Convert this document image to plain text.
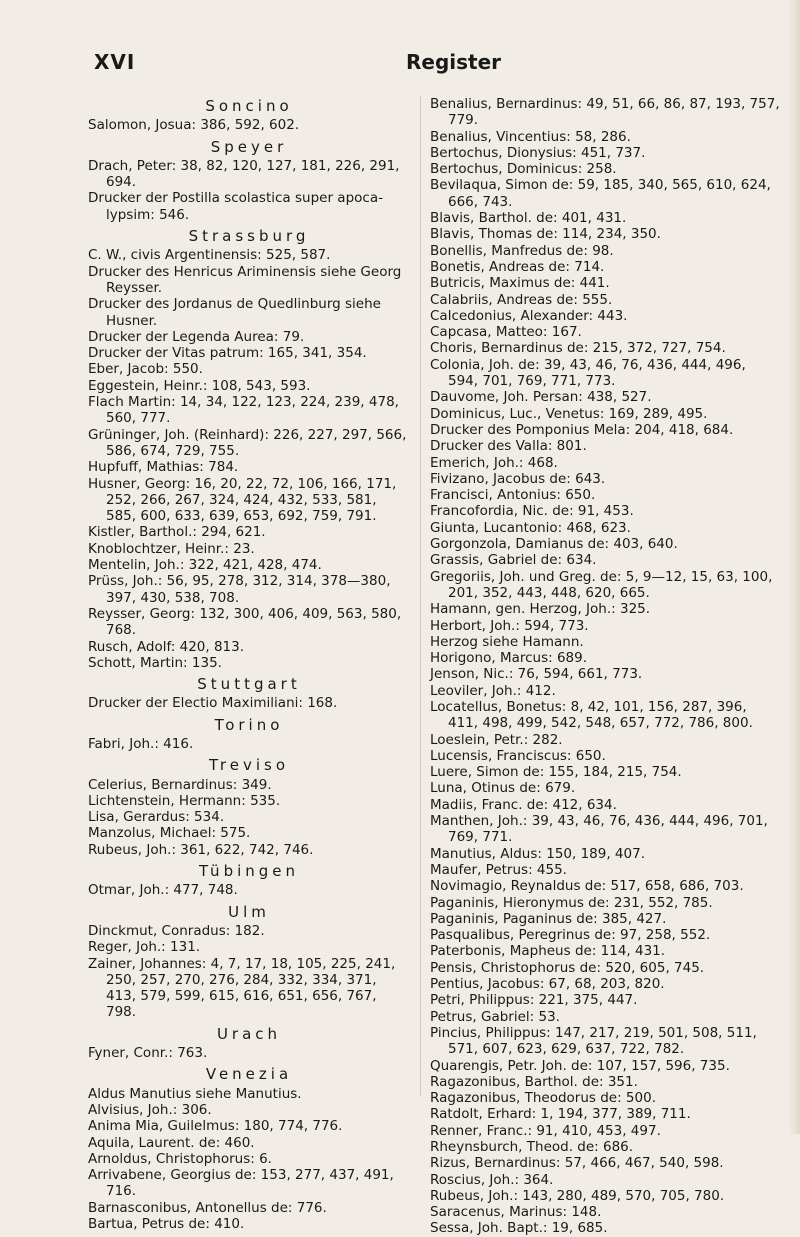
XVI	Register
Soncino
Salomon, Josua: 386, 592, 602.
Speyer
Drach, Peter: 38, 82, 120, 127, 181, 226, 291, 694.
Drucker der Postilla scolastica super apoca-lypsim: 546.
Strassburg
C. W., civis Argentinensis: 525, 587.
Drucker des Henricus Ariminensis siehe Georg Reysser.
Drucker des Jordanus de Quedlinburg siehe Husner.
Drucker der Legenda Aurea: 79.
Drucker der Vitas patrum: 165, 341, 354.
Eber, Jacob: 550.
Eggestein, Heinr.: 108, 543, 593.
Flach Martin: 14, 34, 122, 123, 224, 239, 478, 560, 777.
Grüninger, Joh. (Reinhard): 226, 227, 297, 566, 586, 674, 729, 755.
Hupfuff, Mathias: 784.
Husner, Georg: 16, 20, 22, 72, 106, 166, 171, 252, 266, 267, 324, 424, 432, 533, 581, 585, 600, 633, 639, 653, 692, 759, 791.
Kistler, Barthol.: 294, 621.
Knoblochtzer, Heinr.: 23.
Mentelin, Joh.: 322, 421, 428, 474.
Prüss, Joh.: 56, 95, 278, 312, 314, 378—380, 397, 430, 538, 708.
Reysser, Georg: 132, 300, 406, 409, 563, 580, 768.
Rusch, Adolf: 420, 813.
Schott, Martin: 135.
Stuttgart
Drucker der Electio Maximiliani: 168.
Torino
Fabri, Joh.: 416.
Treviso
Celerius, Bernardinus: 349.
Lichtenstein, Hermann: 535.
Lisa, Gerardus: 534.
Manzolus, Michael: 575.
Rubeus, Joh.: 361, 622, 742, 746.
Tübingen
Otmar, Joh.: 477, 748.
Ulm
Dinckmut, Conradus: 182.
Reger, Joh.: 131.
Zainer, Johannes: 4, 7, 17, 18, 105, 225, 241, 250, 257, 270, 276, 284, 332, 334, 371, 413, 579, 599, 615, 616, 651, 656, 767, 798.
Urach
Fyner, Conr.: 763.
Venezia
Aldus Manutius siehe Manutius.
Alvisius, Joh.: 306.
Anima Mia, Guilelmus: 180, 774, 776.
Aquila, Laurent. de: 460.
Arnoldus, Christophorus: 6.
Arrivabene, Georgius de: 153, 277, 437, 491, 716.
Barnasconibus, Antonellus de: 776.
Bartua, Petrus de: 410.
Benalius, Bernardinus: 49, 51, 66, 86, 87, 193, 757, 779.
Benalius, Vincentius: 58, 286.
Bertochus, Dionysius: 451, 737.
Bertochus, Dominicus: 258.
Bevilaqua, Simon de: 59, 185, 340, 565, 610, 624, 666, 743.
Blavis, Barthol. de: 401, 431.
Blavis, Thomas de: 114, 234, 350.
Bonellis, Manfredus de: 98.
Bonetis, Andreas de: 714.
Butricis, Maximus de: 441.
Calabriis, Andreas de: 555.
Calcedonius, Alexander: 443.
Capcasa, Matteo: 167.
Choris, Bernardinus de: 215, 372, 727, 754.
Colonia, Joh. de: 39, 43, 46, 76, 436, 444, 496, 594, 701, 769, 771, 773.
Dauvome, Joh. Persan: 438, 527.
Dominicus, Luc., Venetus: 169, 289, 495.
Drucker des Pomponius Mela: 204, 418, 684.
Drucker des Valla: 801.
Emerich, Joh.: 468.
Fivizano, Jacobus de: 643.
Francisci, Antonius: 650.
Francofordia, Nic. de: 91, 453.
Giunta, Lucantonio: 468, 623.
Gorgonzola, Damianus de: 403, 640.
Grassis, Gabriel de: 634.
Gregoriis, Joh. und Greg. de: 5, 9—12, 15, 63, 100, 201, 352, 443, 448, 620, 665.
Hamann, gen. Herzog, Joh.: 325.
Herbort, Joh.: 594, 773.
Herzog siehe Hamann.
Horigono, Marcus: 689.
Jenson, Nic.: 76, 594, 661, 773.
Leoviler, Joh.: 412.
Locatellus, Bonetus: 8, 42, 101, 156, 287, 396, 411, 498, 499, 542, 548, 657, 772, 786, 800.
Loeslein, Petr.: 282.
Lucensis, Franciscus: 650.
Luere, Simon de: 155, 184, 215, 754.
Luna, Otinus de: 679.
Madiis, Franc. de: 412, 634.
Manthen, Joh.: 39, 43, 46, 76, 436, 444, 496, 701, 769, 771.
Manutius, Aldus: 150, 189, 407.
Maufer, Petrus: 455.
Novimagio, Reynaldus de: 517, 658, 686, 703.
Paganinis, Hieronymus de: 231, 552, 785.
Paganinis, Paganinus de: 385, 427.
Pasqualibus, Peregrinus de: 97, 258, 552.
Paterbonis, Mapheus de: 114, 431.
Pensis, Christophorus de: 520, 605, 745.
Pentius, Jacobus: 67, 68, 203, 820.
Petri, Philippus: 221, 375, 447.
Petrus, Gabriel: 53.
Pincius, Philippus: 147, 217, 219, 501, 508, 511, 571, 607, 623, 629, 637, 722, 782.
Quarengis, Petr. Joh. de: 107, 157, 596, 735.
Ragazonibus, Barthol. de: 351.
Ragazonibus, Theodorus de: 500.
Ratdolt, Erhard: 1, 194, 377, 389, 711.
Renner, Franc.: 91, 410, 453, 497.
Rheynsburch, Theod. de: 686.
Rizus, Bernardinus: 57, 466, 467, 540, 598.
Roscius, Joh.: 364.
Rubeus, Joh.: 143, 280, 489, 570, 705, 780.
Saracenus, Marinus: 148.
Sessa, Joh. Bapt.: 19, 685.
